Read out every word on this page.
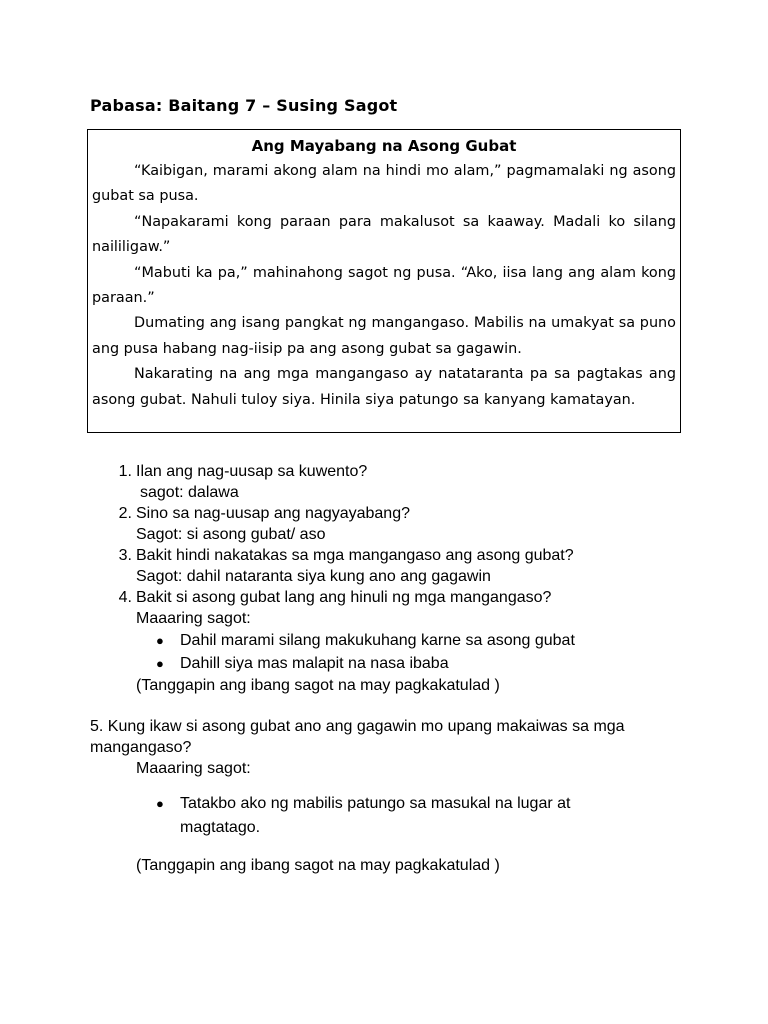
Pabasa: Baitang 7 – Susing Sagot
Ang Mayabang na Asong Gubat

“Kaibigan, marami akong alam na hindi mo alam,” pagmamalaki ng asong gubat sa pusa.

“Napakarami kong paraan para makalusot sa kaaway. Madali ko silang naililigaw.”

“Mabuti ka pa,” mahinahong sagot ng pusa. “Ako, iisa lang ang alam kong paraan.”

Dumating ang isang pangkat ng mangangaso. Mabilis na umakyat sa puno ang pusa habang nag-iisip pa ang asong gubat sa gagawin.

Nakarating na ang mga mangangaso ay natataranta pa sa pagtakas ang asong gubat. Nahuli tuloy siya. Hinila siya patungo sa kanyang kamatayan.

1. Ilan ang nag-uusap sa kuwento?
sagot: dalawa
2. Sino sa nag-uusap ang nagyayabang?
Sagot: si asong gubat/ aso
3. Bakit hindi nakatakas sa mga mangangaso ang asong gubat?
Sagot: dahil nataranta siya kung ano ang gagawin
4. Bakit si asong gubat lang ang hinuli ng mga mangangaso?
Maaaring sagot:
●	Dahil marami silang makukuhang karne sa asong gubat
●	Dahill siya mas malapit na nasa ibaba
(Tanggapin ang ibang sagot na may pagkakatulad )
5. Kung ikaw si asong gubat ano ang gagawin mo upang makaiwas sa mga mangangaso?
Maaaring sagot:
●	Tatakbo ako ng mabilis patungo sa masukal na lugar at magtatago.
(Tanggapin ang ibang sagot na may pagkakatulad )
